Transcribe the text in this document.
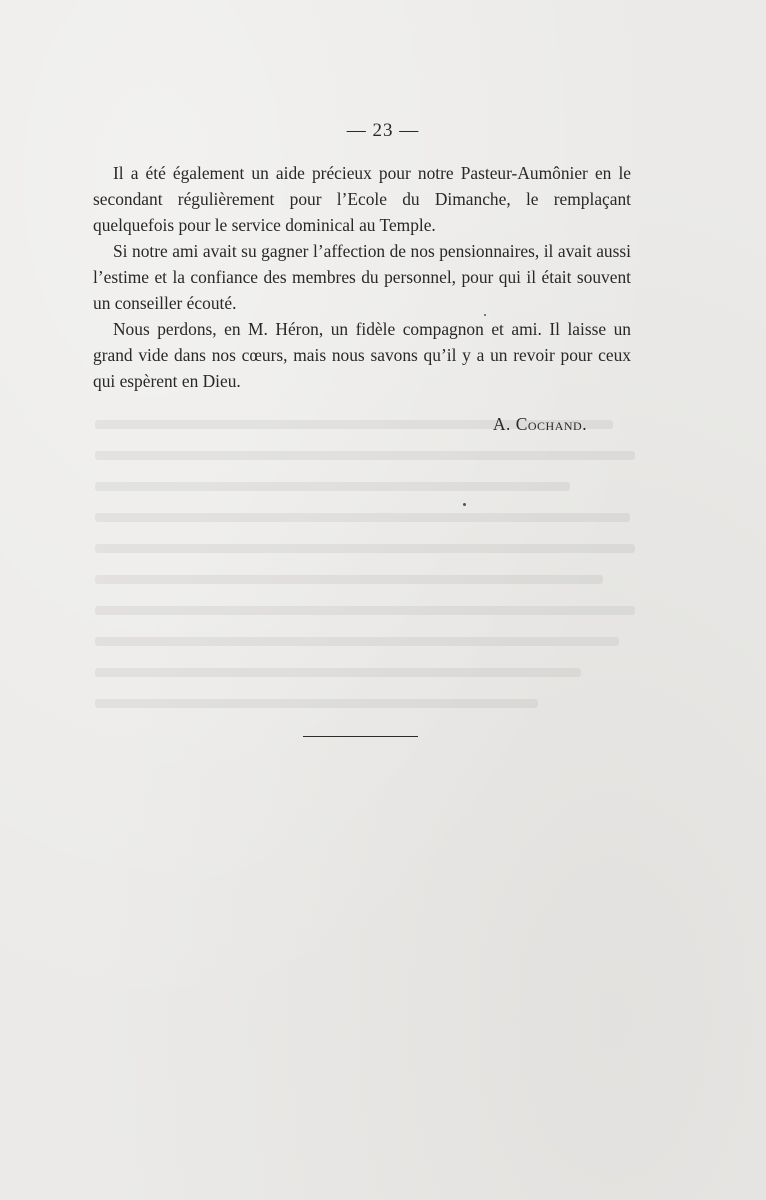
— 23 —

Il a été également un aide précieux pour notre Pasteur-Aumônier en le secondant régulièrement pour l’Ecole du Dimanche, le remplaçant quelquefois pour le service dominical au Temple.

Si notre ami avait su gagner l’affection de nos pensionnaires, il avait aussi l’estime et la confiance des membres du personnel, pour qui il était souvent un conseiller écouté.

Nous perdons, en M. Héron, un fidèle compagnon et ami. Il laisse un grand vide dans nos cœurs, mais nous savons qu’il y a un revoir pour ceux qui espèrent en Dieu.

A. Cochand.
